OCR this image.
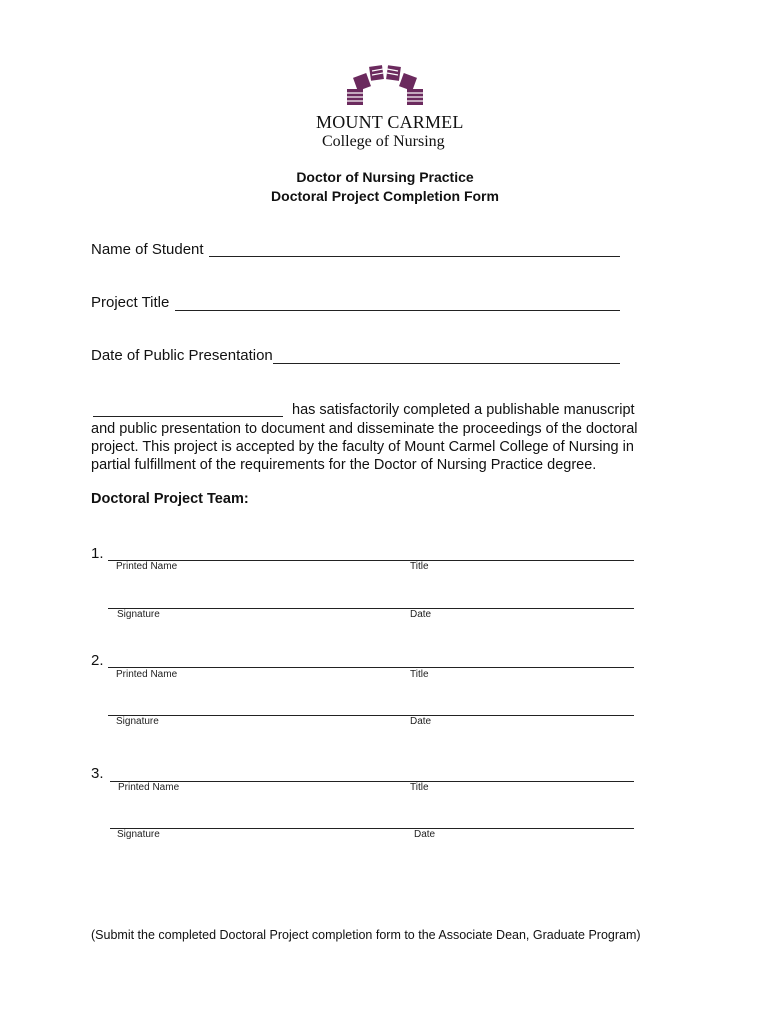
MOUNT CARMEL
College of Nursing
Doctor of Nursing Practice
Doctoral Project Completion Form
Name of Student
Project Title
Date of Public Presentation
has satisfactorily completed a publishable manuscript
and public presentation to document and disseminate the proceedings of the doctoral project. This project is accepted by the faculty of Mount Carmel College of Nursing in partial fulfillment of the requirements for the Doctor of Nursing Practice degree.
Doctoral Project Team:
1.
Printed Name	Title
Signature	Date
2.
Printed Name	Title
Signature	Date
3.
Printed Name	Title
Signature	Date
(Submit the completed Doctoral Project completion form to the Associate Dean, Graduate Program)
